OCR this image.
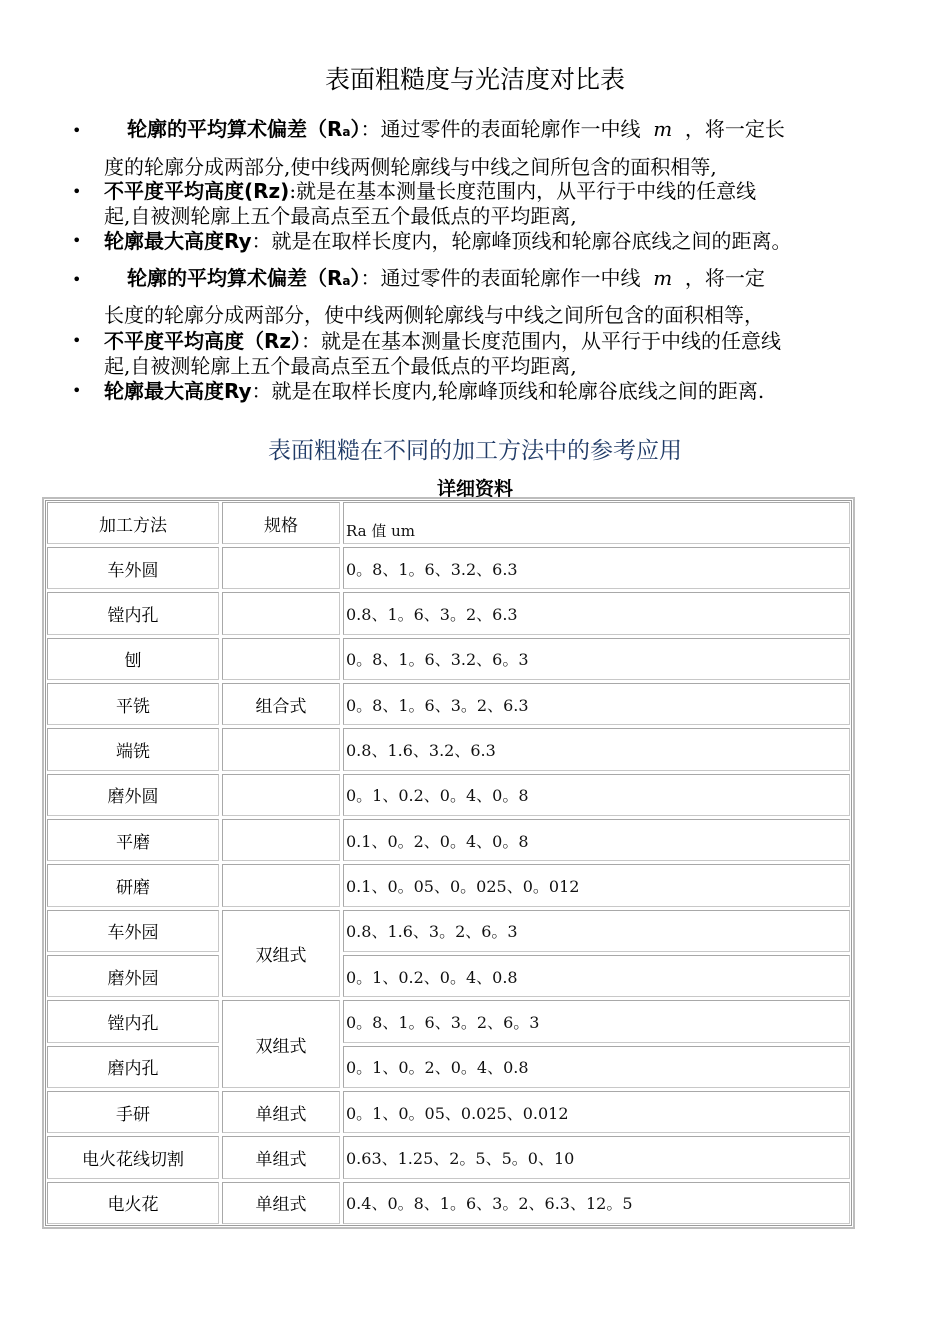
表面粗糙度与光洁度对比表
• 轮廓的平均算术偏差（Ra）：通过零件的表面轮廓作一中线 m ，将一定长
度的轮廓分成两部分,使中线两侧轮廓线与中线之间所包含的面积相等,
• 不平度平均高度(Rz):就是在基本测量长度范围内，从平行于中线的任意线
起,自被测轮廓上五个最高点至五个最低点的平均距离,
• 轮廓最大高度Ry：就是在取样长度内，轮廓峰顶线和轮廓谷底线之间的距离。
• 轮廓的平均算术偏差（Ra）：通过零件的表面轮廓作一中线 m ，将一定
长度的轮廓分成两部分，使中线两侧轮廓线与中线之间所包含的面积相等，
• 不平度平均高度（Rz）：就是在基本测量长度范围内，从平行于中线的任意线
起,自被测轮廓上五个最高点至五个最低点的平均距离,
• 轮廓最大高度Ry：就是在取样长度内,轮廓峰顶线和轮廓谷底线之间的距离.
表面粗糙在不同的加工方法中的参考应用
详细资料
加工方法	规格	Ra 值 um
车外圆		0。8、1。6、3.2、6.3
镗内孔		0.8、1。6、3。2、6.3
刨		0。8、1。6、3.2、6。3
平铣	组合式	0。8、1。6、3。2、6.3
端铣		0.8、1.6、3.2、6.3
磨外圆		0。1、0.2、0。4、0。8
平磨		0.1、0。2、0。4、0。8
研磨		0.1、0。05、0。025、0。012
车外园	双组式	0.8、1.6、3。2、6。3
磨外园		0。1、0.2、0。4、0.8
镗内孔	双组式	0。8、1。6、3。2、6。3
磨内孔		0。1、0。2、0。4、0.8
手研	单组式	0。1、0。05、0.025、0.012
电火花线切割	单组式	0.63、1.25、2。5、5。0、10
电火花	单组式	0.4、0。8、1。6、3。2、6.3、12。5
